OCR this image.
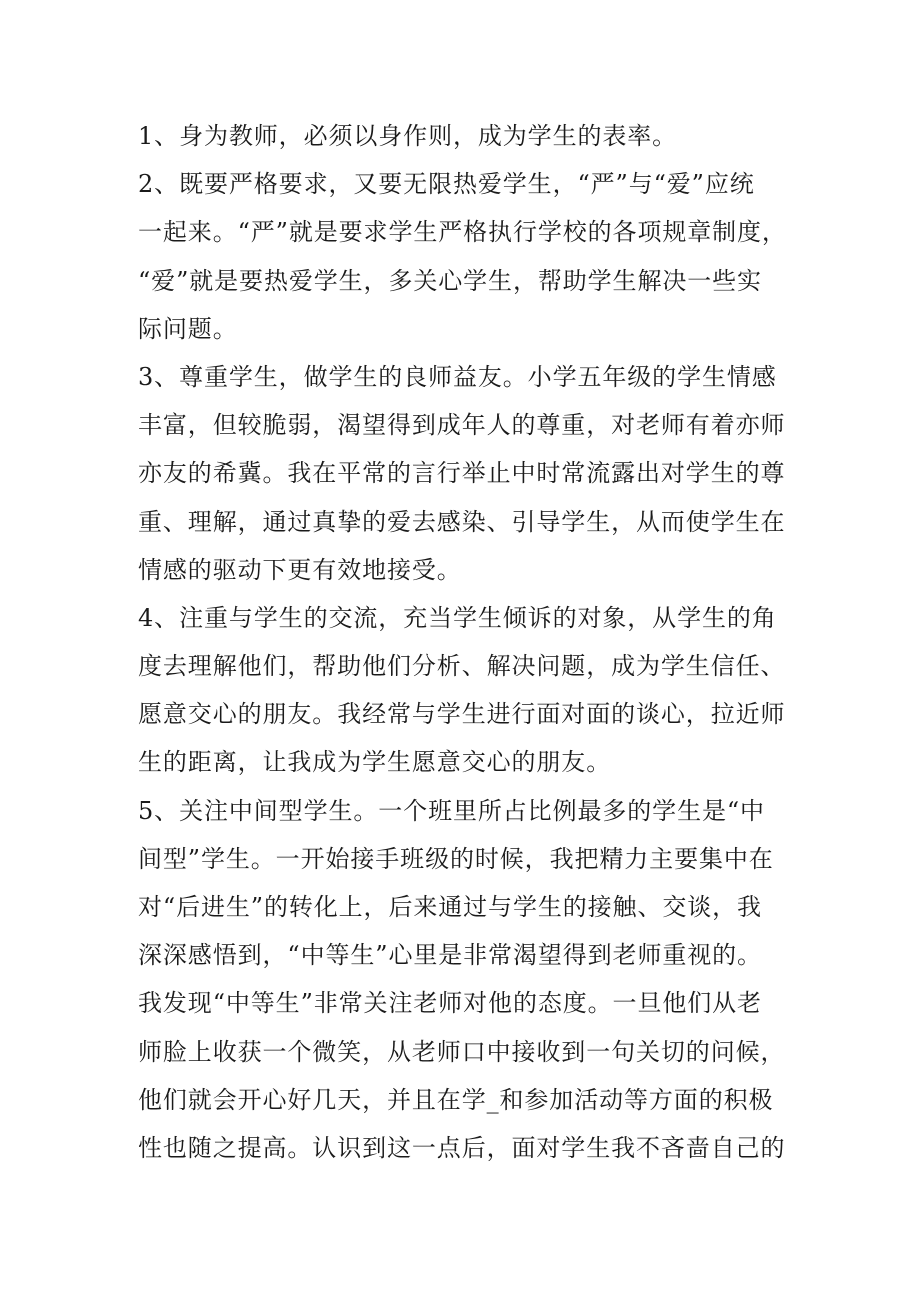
1、身为教师，必须以身作则，成为学生的表率。
2、既要严格要求，又要无限热爱学生，“严”与“爱”应统
一起来。“严”就是要求学生严格执行学校的各项规章制度，
“爱”就是要热爱学生，多关心学生，帮助学生解决一些实
际问题。
3、尊重学生，做学生的良师益友。小学五年级的学生情感
丰富，但较脆弱，渴望得到成年人的尊重，对老师有着亦师
亦友的希冀。我在平常的言行举止中时常流露出对学生的尊
重、理解，通过真挚的爱去感染、引导学生，从而使学生在
情感的驱动下更有效地接受。
4、注重与学生的交流，充当学生倾诉的对象，从学生的角
度去理解他们，帮助他们分析、解决问题，成为学生信任、
愿意交心的朋友。我经常与学生进行面对面的谈心，拉近师
生的距离，让我成为学生愿意交心的朋友。
5、关注中间型学生。一个班里所占比例最多的学生是“中
间型”学生。一开始接手班级的时候，我把精力主要集中在
对“后进生”的转化上，后来通过与学生的接触、交谈，我
深深感悟到，“中等生”心里是非常渴望得到老师重视的。
我发现“中等生”非常关注老师对他的态度。一旦他们从老
师脸上收获一个微笑，从老师口中接收到一句关切的问候，
他们就会开心好几天，并且在学_和参加活动等方面的积极
性也随之提高。认识到这一点后，面对学生我不吝啬自己的
